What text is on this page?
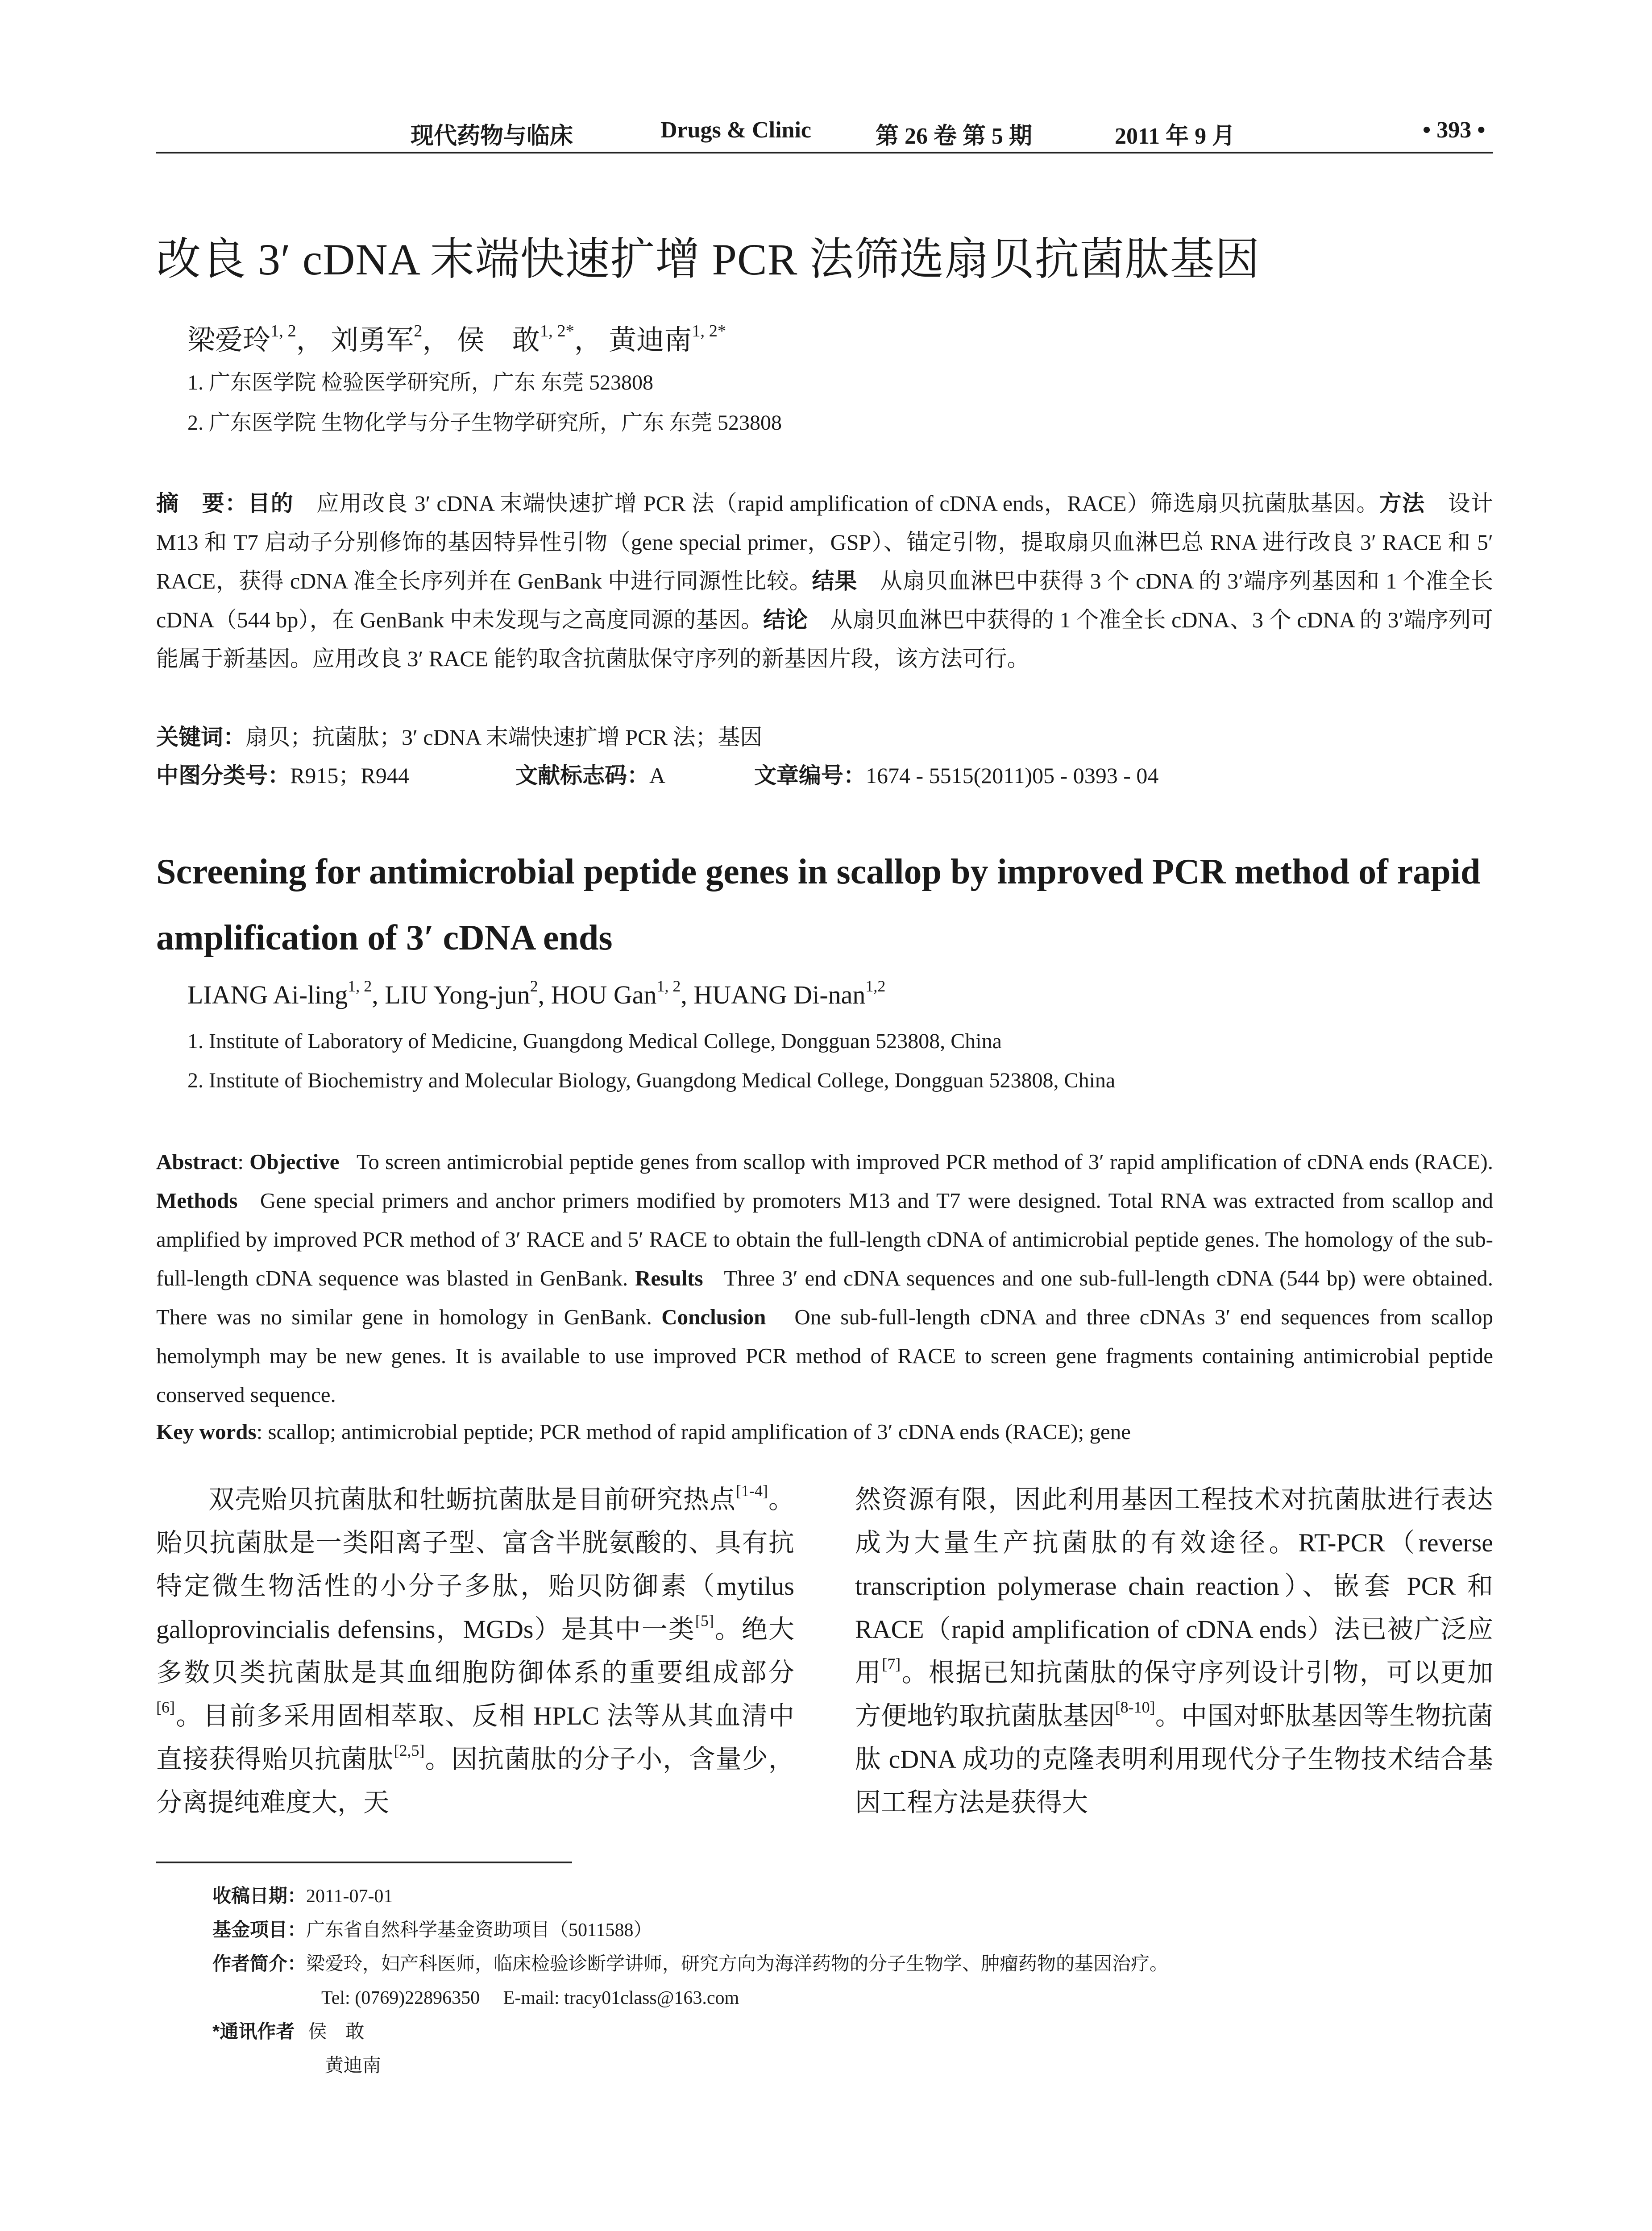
现代药物与临床	Drugs & Clinic	第 26 卷 第 5 期	2011 年 9 月	• 393 •
改良 3′ cDNA 末端快速扩增 PCR 法筛选扇贝抗菌肽基因
梁爱玲$^{1, 2}$， 刘勇军$^2$， 侯　敢$^{1, 2*}$， 黄迪南$^{1, 2*}$
1. 广东医学院 检验医学研究所，广东 东莞 523808
2. 广东医学院 生物化学与分子生物学研究所，广东 东莞 523808
摘　要：目的　 应用改良 3′ cDNA 末端快速扩增 PCR 法（rapid amplification of cDNA ends，RACE）筛选扇贝抗菌肽基因。方法　 设计 M13 和 T7 启动子分别修饰的基因特异性引物（gene special primer，GSP）、锚定引物，提取扇贝血淋巴总 RNA 进行改良 3′ RACE 和 5′ RACE，获得 cDNA 准全长序列并在 GenBank 中进行同源性比较。结果　 从扇贝血淋巴中获得 3 个 cDNA 的 3′端序列基因和 1 个准全长 cDNA（544 bp），在 GenBank 中未发现与之高度同源的基因。结论　 从扇贝血淋巴中获得的 1 个准全长 cDNA、3 个 cDNA 的 3′端序列可能属于新基因。应用改良 3′ RACE 能钓取含抗菌肽保守序列的新基因片段，该方法可行。
关键词：扇贝；抗菌肽；3′ cDNA 末端快速扩增 PCR 法；基因
中图分类号：R915；R944	文献标志码：A	文章编号：1674 - 5515(2011)05 - 0393 - 04
Screening for antimicrobial peptide genes in scallop by improved PCR method of rapid amplification of 3′ cDNA ends
LIANG Ai-ling$^{1, 2}$, LIU Yong-jun$^2$, HOU Gan$^{1, 2}$, HUANG Di-nan$^{1,2}$
1. Institute of Laboratory of Medicine, Guangdong Medical College, Dongguan 523808, China
2. Institute of Biochemistry and Molecular Biology, Guangdong Medical College, Dongguan 523808, China
Abstract: Objective To screen antimicrobial peptide genes from scallop with improved PCR method of 3′ rapid amplification of cDNA ends (RACE). Methods Gene special primers and anchor primers modified by promoters M13 and T7 were designed. Total RNA was extracted from scallop and amplified by improved PCR method of 3′ RACE and 5′ RACE to obtain the full-length cDNA of antimicrobial peptide genes. The homology of the sub-full-length cDNA sequence was blasted in GenBank. Results Three 3′ end cDNA sequences and one sub-full-length cDNA (544 bp) were obtained. There was no similar gene in homology in GenBank. Conclusion One sub-full-length cDNA and three cDNAs 3′ end sequences from scallop hemolymph may be new genes. It is available to use improved PCR method of RACE to screen gene fragments containing antimicrobial peptide conserved sequence.
Key words: scallop; antimicrobial peptide; PCR method of rapid amplification of 3′ cDNA ends (RACE); gene
双壳贻贝抗菌肽和牡蛎抗菌肽是目前研究热点[1-4]。贻贝抗菌肽是一类阳离子型、富含半胱氨酸的、具有抗特定微生物活性的小分子多肽，贻贝防御素（mytilus galloprovincialis defensins，MGDs）是其中一类[5]。绝大多数贝类抗菌肽是其血细胞防御体系的重要组成部分[6]。目前多采用固相萃取、反相 HPLC 法等从其血清中直接获得贻贝抗菌肽[2,5]。因抗菌肽的分子小，含量少，分离提纯难度大，天
然资源有限，因此利用基因工程技术对抗菌肽进行表达成为大量生产抗菌肽的有效途径。RT-PCR（reverse transcription polymerase chain reaction）、嵌套 PCR 和 RACE（rapid amplification of cDNA ends）法已被广泛应用[7]。根据已知抗菌肽的保守序列设计引物，可以更加方便地钓取抗菌肽基因[8-10]。中国对虾肽基因等生物抗菌肽 cDNA 成功的克隆表明利用现代分子生物技术结合基因工程方法是获得大
收稿日期：2011-07-01
基金项目：广东省自然科学基金资助项目（5011588）
作者简介：梁爱玲，妇产科医师，临床检验诊断学讲师，研究方向为海洋药物的分子生物学、肿瘤药物的基因治疗。
Tel: (0769)22896350　 E-mail: tracy01class@163.com
*通讯作者 侯　敢
黄迪南
